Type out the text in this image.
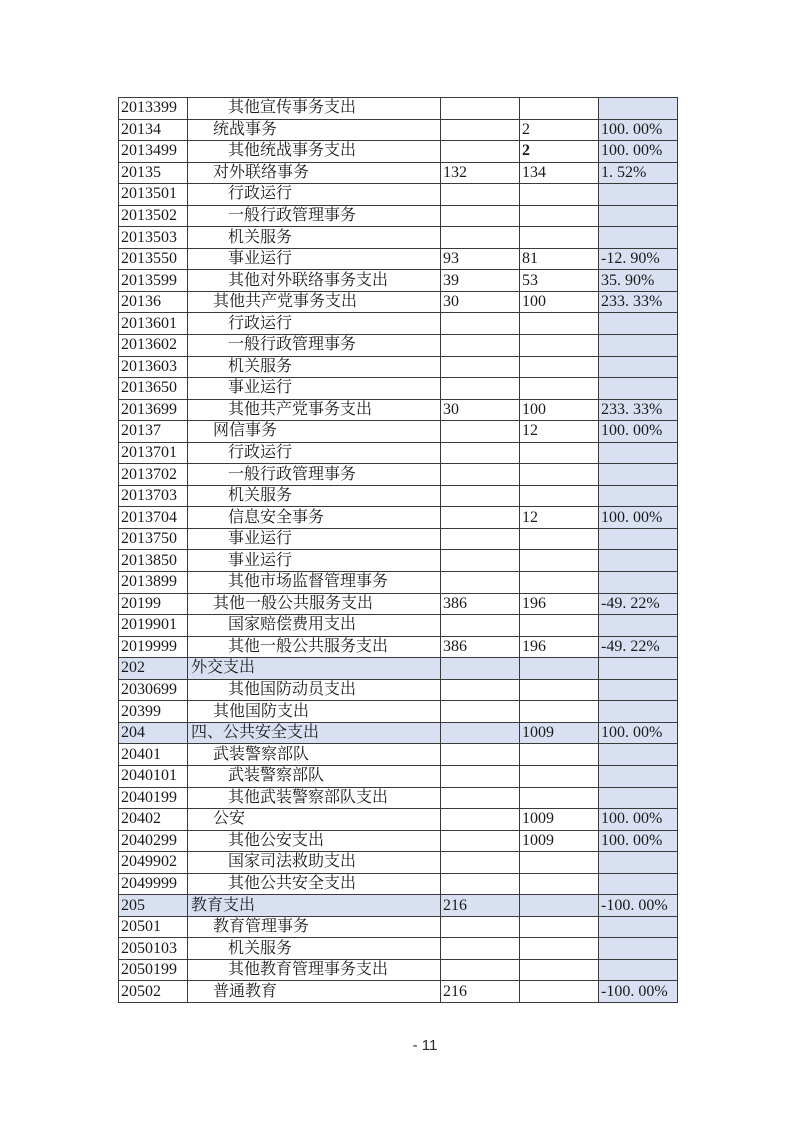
2013399	其他宣传事务支出			
20134	统战事务		2	100. 00%
2013499	其他统战事务支出		2	100. 00%
20135	对外联络事务	132	134	1. 52%
2013501	行政运行			
2013502	一般行政管理事务			
2013503	机关服务			
2013550	事业运行	93	81	-12. 90%
2013599	其他对外联络事务支出	39	53	35. 90%
20136	其他共产党事务支出	30	100	233. 33%
2013601	行政运行			
2013602	一般行政管理事务			
2013603	机关服务			
2013650	事业运行			
2013699	其他共产党事务支出	30	100	233. 33%
20137	网信事务		12	100. 00%
2013701	行政运行			
2013702	一般行政管理事务			
2013703	机关服务			
2013704	信息安全事务		12	100. 00%
2013750	事业运行			
2013850	事业运行			
2013899	其他市场监督管理事务			
20199	其他一般公共服务支出	386	196	-49. 22%
2019901	国家赔偿费用支出			
2019999	其他一般公共服务支出	386	196	-49. 22%
202	外交支出			
2030699	其他国防动员支出			
20399	其他国防支出			
204	四、公共安全支出		1009	100. 00%
20401	武装警察部队			
2040101	武装警察部队			
2040199	其他武装警察部队支出			
20402	公安		1009	100. 00%
2040299	其他公安支出		1009	100. 00%
2049902	国家司法救助支出			
2049999	其他公共安全支出			
205	教育支出	216		-100. 00%
20501	教育管理事务			
2050103	机关服务			
2050199	其他教育管理事务支出			
20502	普通教育	216		-100. 00%
- 11
